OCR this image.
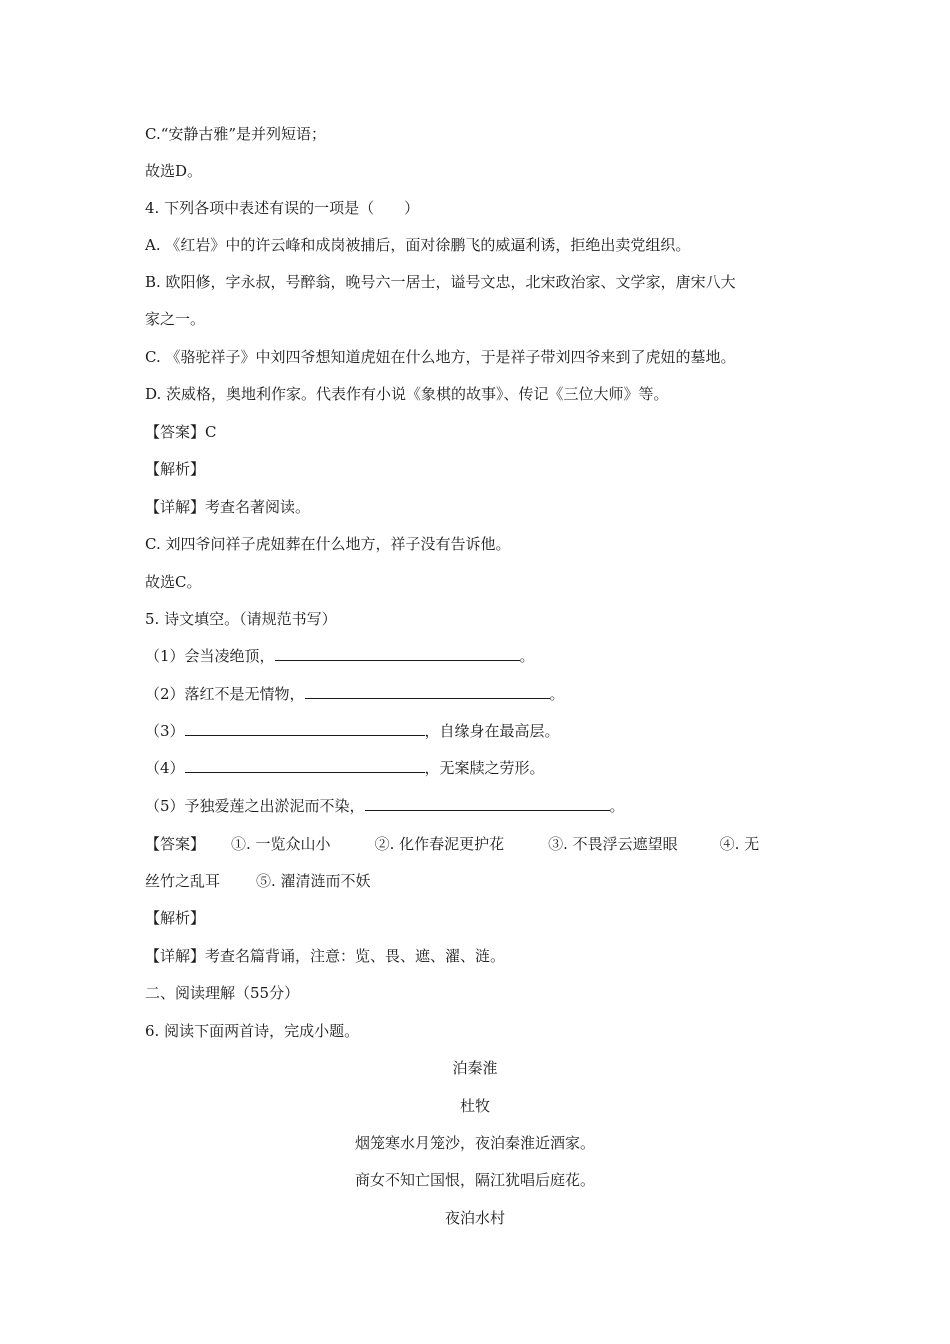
C.“安静古雅”是并列短语；
故选D。
4. 下列各项中表述有误的一项是（　　）
A. 《红岩》中的许云峰和成岗被捕后，面对徐鹏飞的威逼利诱，拒绝出卖党组织。
B. 欧阳修，字永叔，号醉翁，晚号六一居士，谥号文忠，北宋政治家、文学家，唐宋八大
家之一。
C. 《骆驼祥子》中刘四爷想知道虎妞在什么地方，于是祥子带刘四爷来到了虎妞的墓地。
D. 茨威格，奥地利作家。代表作有小说《象棋的故事》、传记《三位大师》等。
【答案】C
【解析】
【详解】考查名著阅读。
C. 刘四爷问祥子虎妞葬在什么地方，祥子没有告诉他。
故选C。
5. 诗文填空。（请规范书写）
（1）会当凌绝顶，	。
（2）落红不是无情物，	。
（3）	，自缘身在最高层。
（4）	，无案牍之劳形。
（5）予独爱莲之出淤泥而不染，	。
【答案】 ①. 一览众山小	②. 化作春泥更护花	③. 不畏浮云遮望眼	④. 无
丝竹之乱耳 ⑤. 濯清涟而不妖
【解析】
【详解】考查名篇背诵，注意：览、畏、遮、濯、涟。
二、阅读理解（55分）
6. 阅读下面两首诗，完成小题。
泊秦淮
杜牧
烟笼寒水月笼沙，夜泊秦淮近酒家。
商女不知亡国恨，隔江犹唱后庭花。
夜泊水村
